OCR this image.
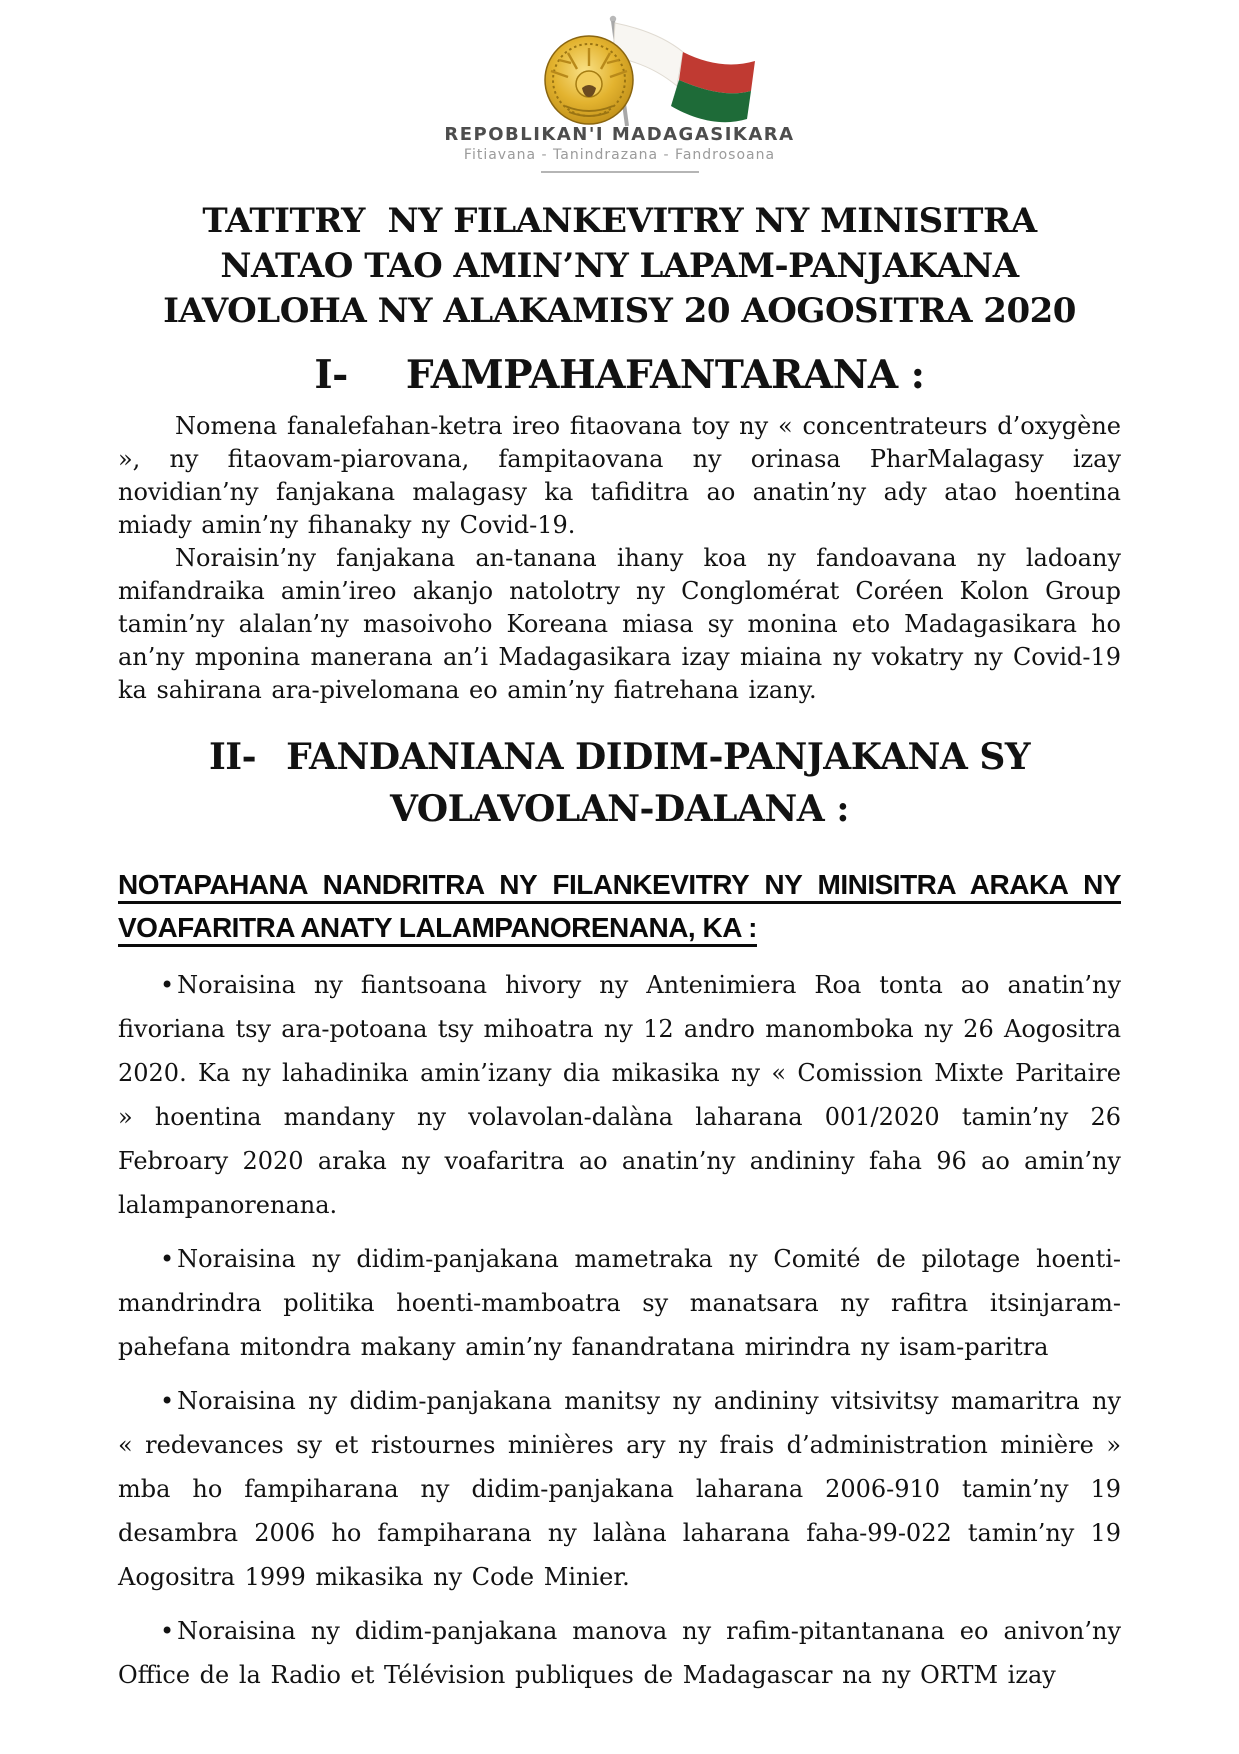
REPOBLIKAN'I MADAGASIKARA
Fitiavana - Tanindrazana - Fandrosoana
TATITRY  NY FILANKEVITRY NY MINISITRA
NATAO TAO AMIN’NY LAPAM-PANJAKANA
IAVOLOHA NY ALAKAMISY 20 AOGOSITRA 2020
I- FAMPAHAFANTARANA :

Nomena fanalefahan-ketra ireo fitaovana toy ny « concentrateurs d’oxygène », ny fitaovam-piarovana, fampitaovana ny orinasa PharMalagasy izay novidian’ny fanjakana malagasy ka tafiditra ao anatin’ny ady atao hoentina miady amin’ny fihanaky ny Covid-19.

Noraisin’ny fanjakana an-tanana ihany koa ny fandoavana ny ladoany mifandraika amin’ireo akanjo natolotry ny Conglomérat Coréen Kolon Group tamin’ny alalan’ny masoivoho Koreana miasa sy monina eto Madagasikara ho an’ny mponina manerana an’i Madagasikara izay miaina ny vokatry ny Covid-19 ka sahirana ara-pivelomana eo amin’ny fiatrehana izany.

II- FANDANIANA DIDIM-PANJAKANA SY
VOLAVOLAN-DALANA :
NOTAPAHANA NANDRITRA NY FILANKEVITRY NY MINISITRA ARAKA NY
VOAFARITRA ANATY LALAMPANORENANA, KA :

• Noraisina ny fiantsoana hivory ny Antenimiera Roa tonta ao anatin’ny fivoriana tsy ara-potoana tsy mihoatra ny 12 andro manomboka ny 26 Aogositra 2020. Ka ny lahadinika amin’izany dia mikasika ny « Comission Mixte Paritaire » hoentina mandany ny volavolan-dalàna laharana 001/2020 tamin’ny 26 Febroary 2020 araka ny voafaritra ao anatin’ny andininy faha 96 ao amin’ny lalampanorenana.

• Noraisina ny didim-panjakana mametraka ny Comité de pilotage hoenti-mandrindra politika hoenti-mamboatra sy manatsara ny rafitra itsinjaram-pahefana mitondra makany amin’ny fanandratana mirindra ny isam-paritra

• Noraisina ny didim-panjakana manitsy ny andininy vitsivitsy mamaritra ny « redevances sy et ristournes minières ary ny frais d’administration minière » mba ho fampiharana ny didim-panjakana laharana 2006-910 tamin’ny 19 desambra 2006 ho fampiharana ny lalàna laharana faha-99-022 tamin’ny 19 Aogositra 1999 mikasika ny Code Minier.

• Noraisina ny didim-panjakana manova ny rafim-pitantanana eo anivon’ny Office de la Radio et Télévision publiques de Madagascar na ny ORTM izay
